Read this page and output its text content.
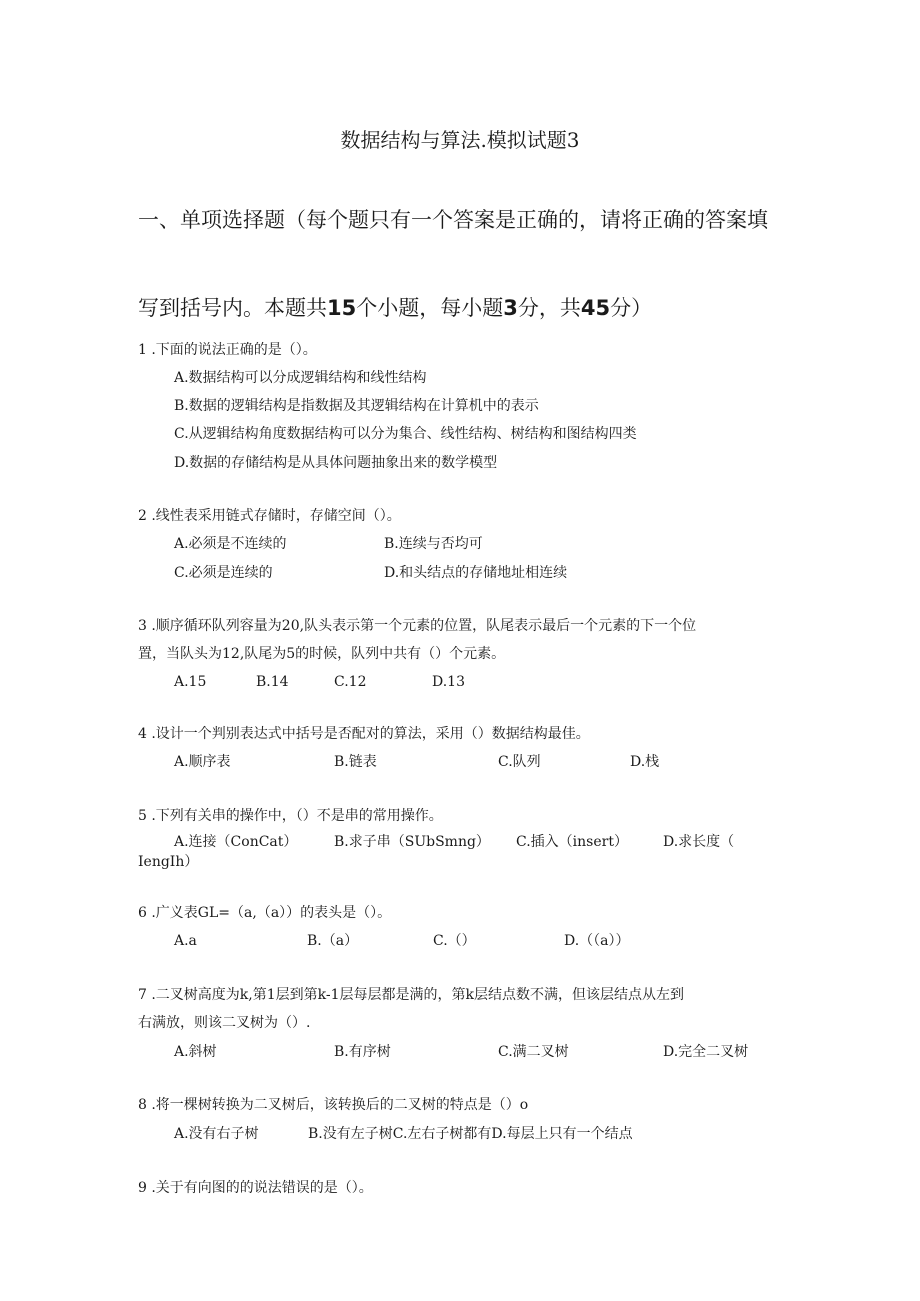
数据结构与算法.模拟试题3
一、单项选择题（每个题只有一个答案是正确的，请将正确的答案填
写到括号内。本题共15个小题，每小题3分，共45分）
1 .下面的说法正确的是（）。
A.数据结构可以分成逻辑结构和线性结构
B.数据的逻辑结构是指数据及其逻辑结构在计算机中的表示
C.从逻辑结构角度数据结构可以分为集合、线性结构、树结构和图结构四类
D.数据的存储结构是从具体问题抽象出来的数学模型
2 .线性表采用链式存储时，存储空间（）。
A.必须是不连续的	B.连续与否均可
C.必须是连续的	D.和头结点的存储地址相连续
3 .顺序循环队列容量为20,队头表示第一个元素的位置，队尾表示最后一个元素的下一个位
置，当队头为12,队尾为5的时候，队列中共有（）个元素。
A.15	B.14	C.12	D.13
4 .设计一个判别表达式中括号是否配对的算法，采用（）数据结构最佳。
A.顺序表	B.链表	C.队列	D.栈
5 .下列有关串的操作中，（）不是串的常用操作。
A.连接（ConCat）	B.求子串（SUbSmng） C.插入（insert）	D.求长度（
IengIh）
6 .广义表GL=（a,（a））的表头是（）。
A.a	B.（a）	C.（）	D.（（a））
7 .二叉树高度为k,第1层到第k-1层每层都是满的，第k层结点数不满，但该层结点从左到
右满放，则该二叉树为（）.
A.斜树	B.有序树	C.满二叉树	D.完全二叉树
8 .将一棵树转换为二叉树后，该转换后的二叉树的特点是（）o
A.没有右子树	B.没有左子树C.左右子树都有D.每层上只有一个结点
9 .关于有向图的的说法错误的是（）。
